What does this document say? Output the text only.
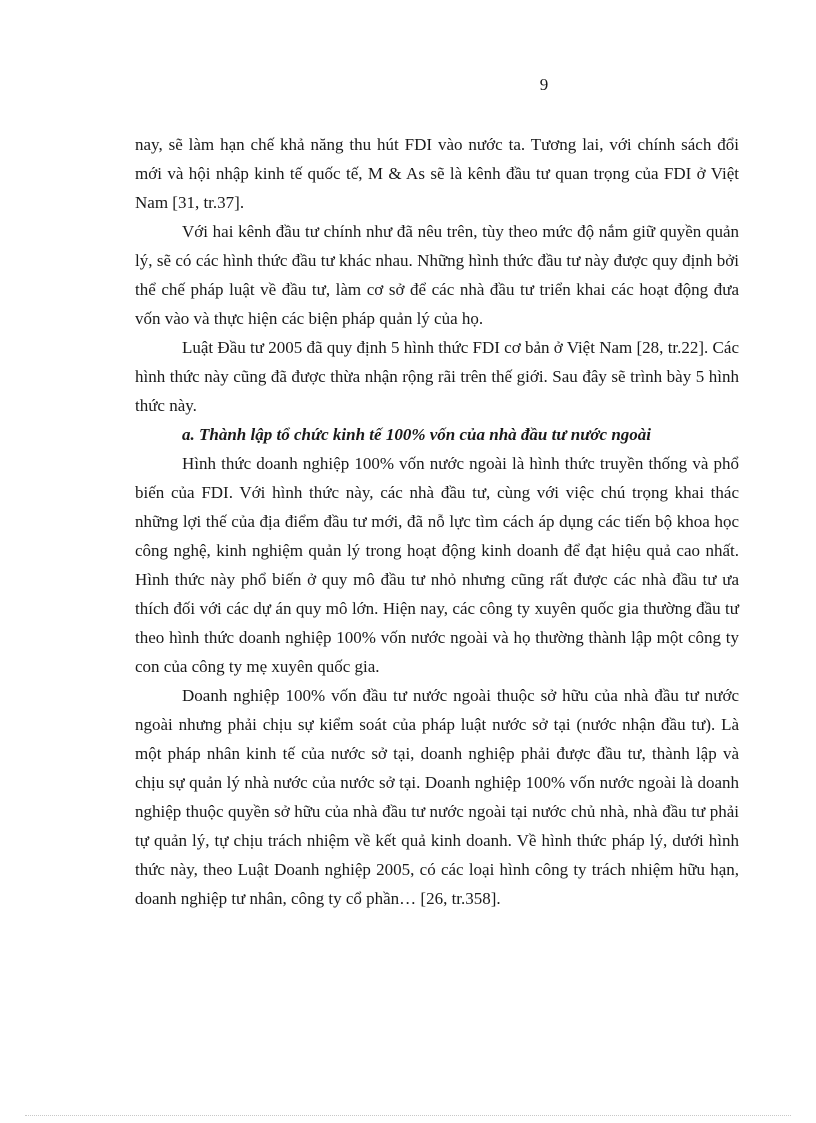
9

nay, sẽ làm hạn chế khả năng thu hút FDI vào nước ta. Tương lai, với chính sách đổi mới và hội nhập kinh tế quốc tế, M & As sẽ là kênh đầu tư quan trọng của FDI ở Việt Nam [31, tr.37].

Với hai kênh đầu tư chính như đã nêu trên, tùy theo mức độ nắm giữ quyền quản lý, sẽ có các hình thức đầu tư khác nhau. Những hình thức đầu tư này được quy định bởi thể chế pháp luật về đầu tư, làm cơ sở để các nhà đầu tư triển khai các hoạt động đưa vốn vào và thực hiện các biện pháp quản lý của họ.

Luật Đầu tư 2005 đã quy định 5 hình thức FDI cơ bản ở Việt Nam [28, tr.22]. Các hình thức này cũng đã được thừa nhận rộng rãi trên thế giới. Sau đây sẽ trình bày 5 hình thức này.

a. Thành lập tổ chức kinh tế 100% vốn của nhà đầu tư nước ngoài

Hình thức doanh nghiệp 100% vốn nước ngoài là hình thức truyền thống và phổ biến của FDI. Với hình thức này, các nhà đầu tư, cùng với việc chú trọng khai thác những lợi thế của địa điểm đầu tư mới, đã nỗ lực tìm cách áp dụng các tiến bộ khoa học công nghệ, kinh nghiệm quản lý trong hoạt động kinh doanh để đạt hiệu quả cao nhất. Hình thức này phổ biến ở quy mô đầu tư nhỏ nhưng cũng rất được các nhà đầu tư ưa thích đối với các dự án quy mô lớn. Hiện nay, các công ty xuyên quốc gia thường đầu tư theo hình thức doanh nghiệp 100% vốn nước ngoài và họ thường thành lập một công ty con của công ty mẹ xuyên quốc gia.

Doanh nghiệp 100% vốn đầu tư nước ngoài thuộc sở hữu của nhà đầu tư nước ngoài nhưng phải chịu sự kiểm soát của pháp luật nước sở tại (nước nhận đầu tư). Là một pháp nhân kinh tế của nước sở tại, doanh nghiệp phải được đầu tư, thành lập và chịu sự quản lý nhà nước của nước sở tại. Doanh nghiệp 100% vốn nước ngoài là doanh nghiệp thuộc quyền sở hữu của nhà đầu tư nước ngoài tại nước chủ nhà, nhà đầu tư phải tự quản lý, tự chịu trách nhiệm về kết quả kinh doanh. Về hình thức pháp lý, dưới hình thức này, theo Luật Doanh nghiệp 2005, có các loại hình công ty trách nhiệm hữu hạn, doanh nghiệp tư nhân, công ty cổ phần… [26, tr.358].
